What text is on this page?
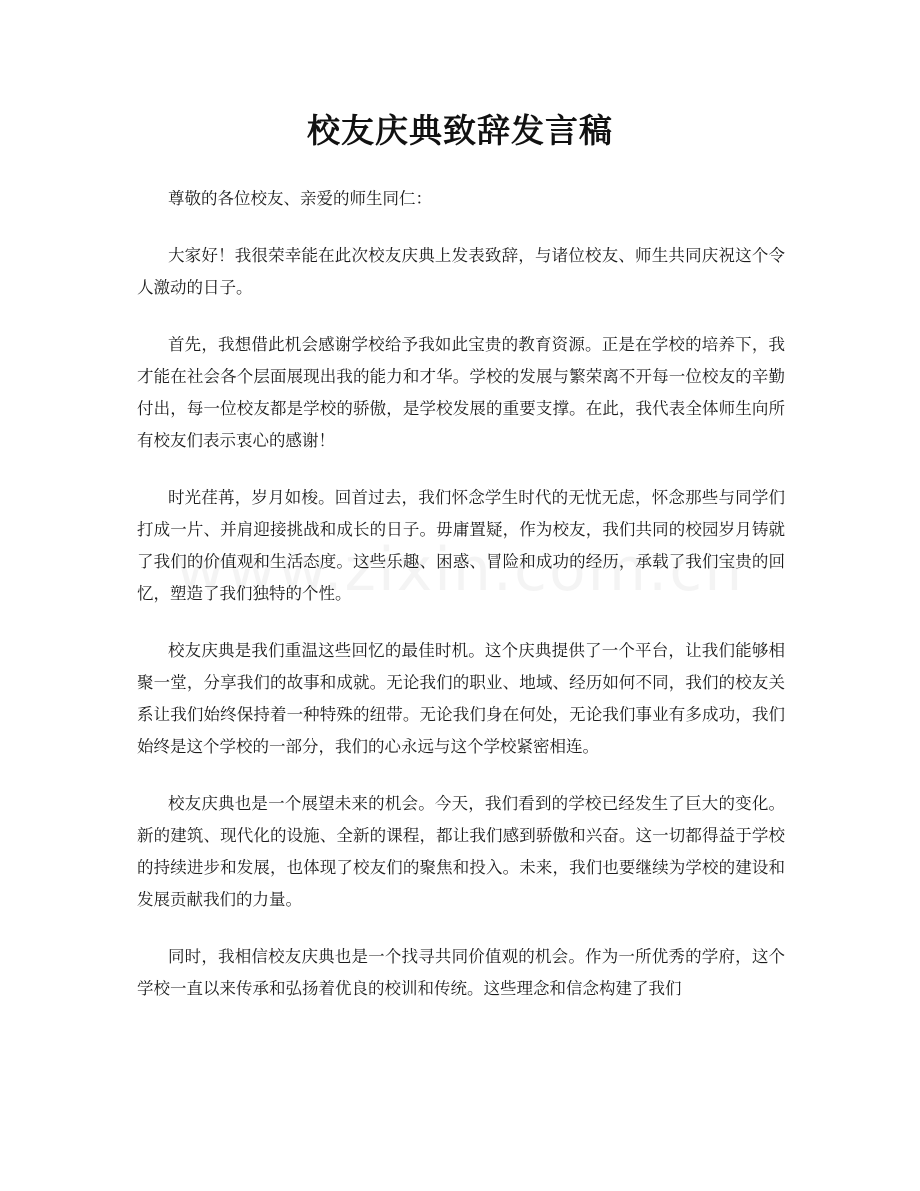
校友庆典致辞发言稿

尊敬的各位校友、亲爱的师生同仁：

大家好！我很荣幸能在此次校友庆典上发表致辞，与诸位校友、师生共同庆祝这个令人激动的日子。

首先，我想借此机会感谢学校给予我如此宝贵的教育资源。正是在学校的培养下，我才能在社会各个层面展现出我的能力和才华。学校的发展与繁荣离不开每一位校友的辛勤付出，每一位校友都是学校的骄傲，是学校发展的重要支撑。在此，我代表全体师生向所有校友们表示衷心的感谢！

时光荏苒，岁月如梭。回首过去，我们怀念学生时代的无忧无虑，怀念那些与同学们打成一片、并肩迎接挑战和成长的日子。毋庸置疑，作为校友，我们共同的校园岁月铸就了我们的价值观和生活态度。这些乐趣、困惑、冒险和成功的经历，承载了我们宝贵的回忆，塑造了我们独特的个性。

校友庆典是我们重温这些回忆的最佳时机。这个庆典提供了一个平台，让我们能够相聚一堂，分享我们的故事和成就。无论我们的职业、地域、经历如何不同，我们的校友关系让我们始终保持着一种特殊的纽带。无论我们身在何处，无论我们事业有多成功，我们始终是这个学校的一部分，我们的心永远与这个学校紧密相连。

校友庆典也是一个展望未来的机会。今天，我们看到的学校已经发生了巨大的变化。新的建筑、现代化的设施、全新的课程，都让我们感到骄傲和兴奋。这一切都得益于学校的持续进步和发展，也体现了校友们的聚焦和投入。未来，我们也要继续为学校的建设和发展贡献我们的力量。

同时，我相信校友庆典也是一个找寻共同价值观的机会。作为一所优秀的学府，这个学校一直以来传承和弘扬着优良的校训和传统。这些理念和信念构建了我们
